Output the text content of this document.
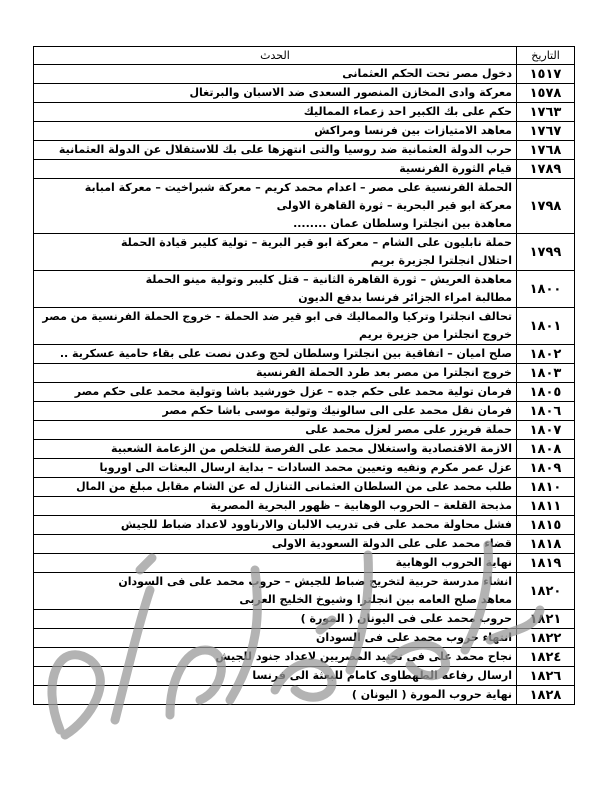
التاريخ	الحدث
١٥١٧	دخول مصر تحت الحكم العثمانى

١٥٧٨	معركة وادى المخازن المنصور السعدى ضد الاسبان والبرتغال

١٧٦٣	حكم على بك الكبير احد زعماء المماليك

١٧٦٧	معاهد الامتيازات بين فرنسا ومراكش

١٧٦٨	حرب الدولة العثمانية ضد روسيا والتى انتهزها على بك للاستقلال عن الدولة العثمانية

١٧٨٩	قيام الثورة الفرنسية

١٧٩٨	الحملة الفرنسية على مصر – اعدام محمد كريم – معركة شبراخيت – معركة امبابة
معركة ابو قير البحرية – ثورة القاهرة الاولى
معاهدة بين انجلترا وسلطان عمان ........

١٧٩٩	حملة نابليون على الشام – معركة ابو قير البرية – تولية كليبر قيادة الحملة
احتلال انجلترا لجزيرة بريم

١٨٠٠	معاهدة العريش – ثورة القاهرة الثانية – قتل كليبر وتولية مينو الحملة
مطالبة امراء الجزائر فرنسا بدفع الديون

١٨٠١	تحالف انجلترا وتركيا والمماليك فى ابو قير ضد الحملة - خروج الحملة الفرنسية من مصر
خروج انجلترا من جزيرة بريم

١٨٠٢	صلح اميان – اتفاقية بين انجلترا وسلطان لحج وعدن نصت على بقاء حامية عسكرية ..

١٨٠٣	خروج انجلترا من مصر بعد طرد الحملة الفرنسية

١٨٠٥	فرمان تولية محمد على حكم جده – عزل خورشيد باشا وتولية محمد على حكم مصر

١٨٠٦	فرمان نقل محمد على الى سالونيك وتولية موسى باشا حكم مصر

١٨٠٧	حملة فريزر على مصر لعزل محمد على

١٨٠٨	الازمة الاقتصادية واستغلال محمد على الفرصة للتخلص من الزعامة الشعبية

١٨٠٩	عزل عمر مكرم ونفيه وتعيين محمد السادات – بداية ارسال البعثات الى اوروبا

١٨١٠	طلب محمد على من السلطان العثمانى التنازل له عن الشام مقابل مبلغ من المال

١٨١١	مذبحة القلعة – الحروب الوهابية – ظهور البحرية المصرية

١٨١٥	فشل محاولة محمد على فى تدريب الالبان والارناوود لاعداد ضباط للجيش

١٨١٨	قضاء محمد على على الدولة السعودية الاولى

١٨١٩	نهاية الحروب الوهابية

١٨٢٠	انشاء مدرسة حربية لتخريج ضباط للجيش – حروب محمد على فى السودان
معاهد صلح العامه بين انجلترا وشيوخ الخليج العربى

١٨٢١	حروب محمد على فى اليونان ( المورة )

١٨٢٢	انتهاء حروب محمد على فى السودان

١٨٢٤	نجاح محمد على فى تجنيد المصريين لاعداد جنود للجيش

١٨٢٦	ارسال رفاعه الطهطاوى كامام للبعثة الى فرنسا

١٨٢٨	نهاية حروب المورة ( اليونان )
